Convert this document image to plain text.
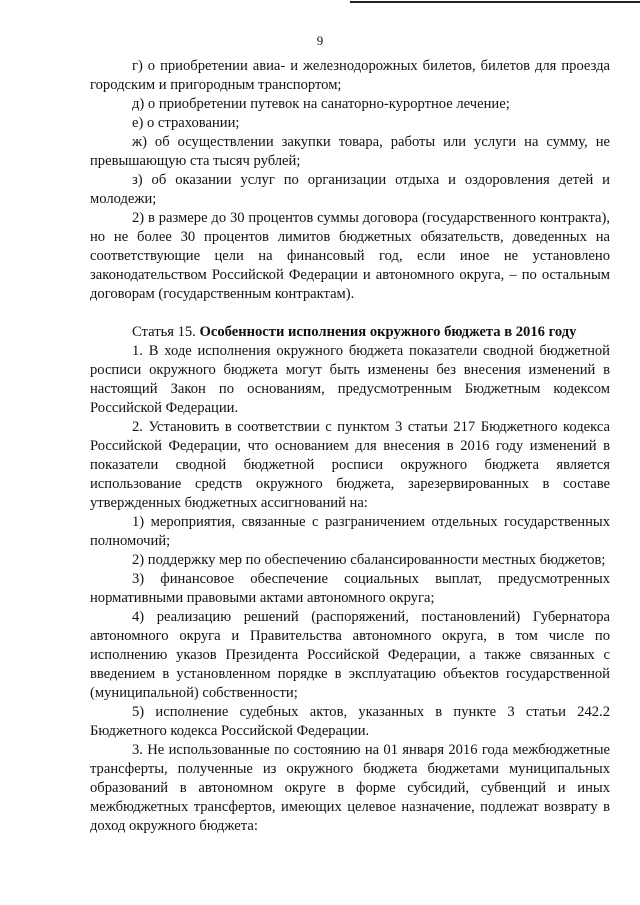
9

г) о приобретении авиа- и железнодорожных билетов, билетов для проезда городским и пригородным транспортом;

д) о приобретении путевок на санаторно-курортное лечение;

е) о страховании;

ж) об осуществлении закупки товара, работы или услуги на сумму, не превышающую ста тысяч рублей;

з) об оказании услуг по организации отдыха и оздоровления детей и молодежи;

2) в размере до 30 процентов суммы договора (государственного контракта), но не более 30 процентов лимитов бюджетных обязательств, доведенных на соответствующие цели на финансовый год, если иное не установлено законодательством Российской Федерации и автономного округа, – по остальным договорам (государственным контрактам).

Статья 15. Особенности исполнения окружного бюджета в 2016 году

1. В ходе исполнения окружного бюджета показатели сводной бюджетной росписи окружного бюджета могут быть изменены без внесения изменений в настоящий Закон по основаниям, предусмотренным Бюджетным кодексом Российской Федерации.

2. Установить в соответствии с пунктом 3 статьи 217 Бюджетного кодекса Российской Федерации, что основанием для внесения в 2016 году изменений в показатели сводной бюджетной росписи окружного бюджета является использование средств окружного бюджета, зарезервированных в составе утвержденных бюджетных ассигнований на:

1) мероприятия, связанные с разграничением отдельных государственных полномочий;

2) поддержку мер по обеспечению сбалансированности местных бюджетов;

3) финансовое обеспечение социальных выплат, предусмотренных нормативными правовыми актами автономного округа;

4) реализацию решений (распоряжений, постановлений) Губернатора автономного округа и Правительства автономного округа, в том числе по исполнению указов Президента Российской Федерации, а также связанных с введением в установленном порядке в эксплуатацию объектов государственной (муниципальной) собственности;

5) исполнение судебных актов, указанных в пункте 3 статьи 242.2 Бюджетного кодекса Российской Федерации.

3. Не использованные по состоянию на 01 января 2016 года межбюджетные трансферты, полученные из окружного бюджета бюджетами муниципальных образований в автономном округе в форме субсидий, субвенций и иных межбюджетных трансфертов, имеющих целевое назначение, подлежат возврату в доход окружного бюджета:
